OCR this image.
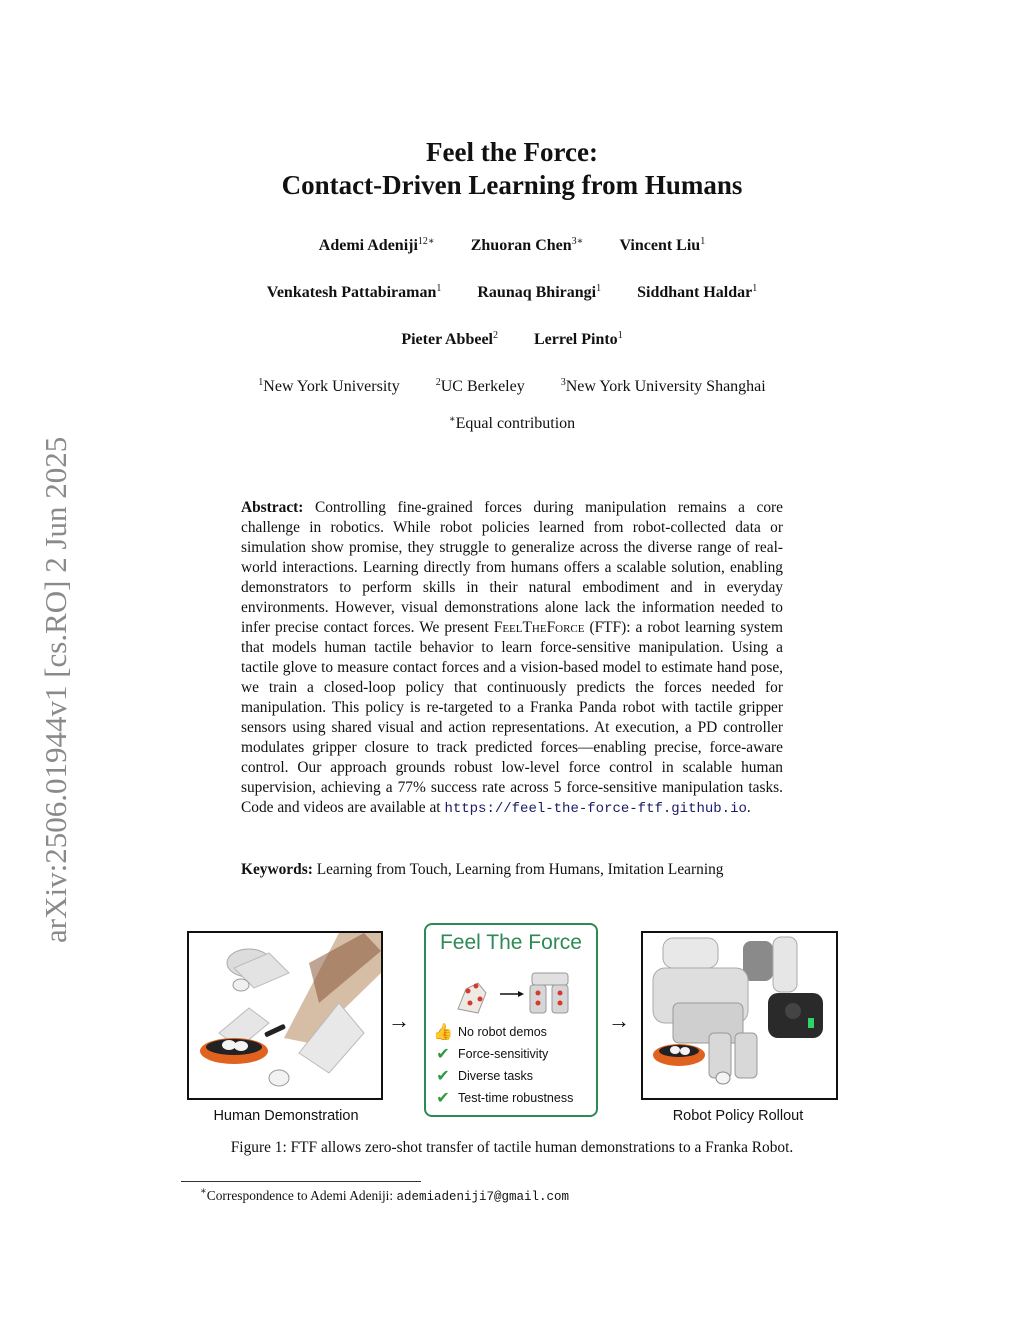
arXiv:2506.01944v1 [cs.RO] 2 Jun 2025
Feel the Force:
Contact-Driven Learning from Humans
Ademi Adeniji$^{12∗}$ Zhuoran Chen$^{3∗}$ Vincent Liu$^1$
Venkatesh Pattabiraman$^1$ Raunaq Bhirangi$^1$ Siddhant Haldar$^1$
Pieter Abbeel$^2$ Lerrel Pinto$^1$
$^1$New York University	$^2$UC Berkeley	$^3$New York University Shanghai
∗Equal contribution
Abstract: Controlling fine-grained forces during manipulation remains a core challenge in robotics. While robot policies learned from robot-collected data or simulation show promise, they struggle to generalize across the diverse range of real-world interactions. Learning directly from humans offers a scalable solution, enabling demonstrators to perform skills in their natural embodiment and in everyday environments. However, visual demonstrations alone lack the information needed to infer precise contact forces. We present FeelTheForce (FTF): a robot learning system that models human tactile behavior to learn force-sensitive manipulation. Using a tactile glove to measure contact forces and a vision-based model to estimate hand pose, we train a closed-loop policy that continuously predicts the forces needed for manipulation. This policy is re-targeted to a Franka Panda robot with tactile gripper sensors using shared visual and action representations. At execution, a PD controller modulates gripper closure to track predicted forces—enabling precise, force-aware control. Our approach grounds robust low-level force control in scalable human supervision, achieving a 77% success rate across 5 force-sensitive manipulation tasks. Code and videos are available at https://feel-the-force-ftf.github.io.
Keywords: Learning from Touch, Learning from Humans, Imitation Learning
Human Demonstration
→
Feel The Force
👍 No robot demos
✔ Force-sensitivity
✔ Diverse tasks
✔ Test-time robustness
→
Robot Policy Rollout
Figure 1: FTF allows zero-shot transfer of tactile human demonstrations to a Franka Robot.
∗Correspondence to Ademi Adeniji: ademiadeniji7@gmail.com
